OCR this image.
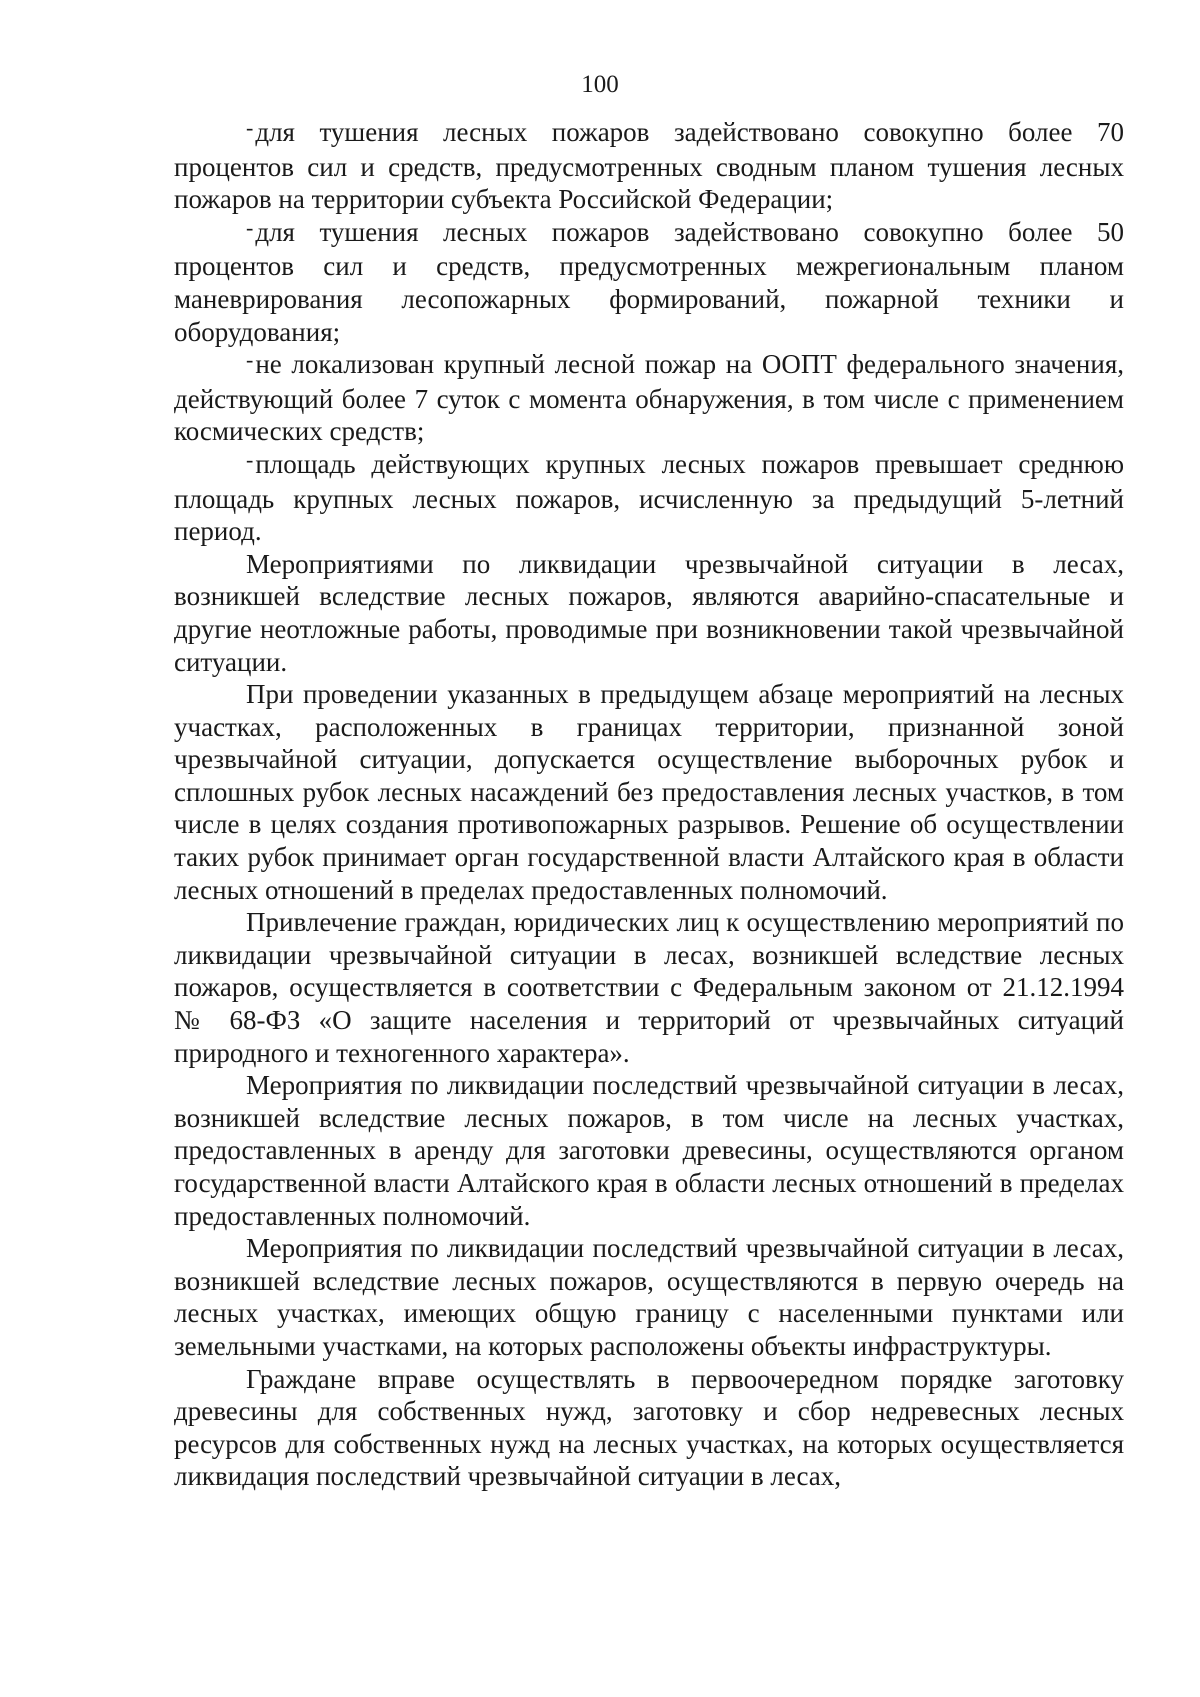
100

-для тушения лесных пожаров задействовано совокупно более 70 процентов сил и средств, предусмотренных сводным планом тушения лесных пожаров на территории субъекта Российской Федерации;

-для тушения лесных пожаров задействовано совокупно более 50 процентов сил и средств, предусмотренных межрегиональным планом маневрирования лесопожарных формирований, пожарной техники и оборудования;

-не локализован крупный лесной пожар на ООПТ федерального значения, действующий более 7 суток с момента обнаружения, в том числе с применением космических средств;

-площадь действующих крупных лесных пожаров превышает среднюю площадь крупных лесных пожаров, исчисленную за предыдущий 5-летний период.

Мероприятиями по ликвидации чрезвычайной ситуации в лесах, возникшей вследствие лесных пожаров, являются аварийно-спасательные и другие неотложные работы, проводимые при возникновении такой чрезвычайной ситуации.

При проведении указанных в предыдущем абзаце мероприятий на лесных участках, расположенных в границах территории, признанной зоной чрезвычайной ситуации, допускается осуществление выборочных рубок и сплошных рубок лесных насаждений без предоставления лесных участков, в том числе в целях создания противопожарных разрывов. Решение об осуществлении таких рубок принимает орган государственной власти Алтайского края в области лесных отношений в пределах предоставленных полномочий.

Привлечение граждан, юридических лиц к осуществлению мероприятий по ликвидации чрезвычайной ситуации в лесах, возникшей вследствие лесных пожаров, осуществляется в соответствии с Федеральным законом от 21.12.1994 № 68-ФЗ «О защите населения и территорий от чрезвычайных ситуаций природного и техногенного характера».

Мероприятия по ликвидации последствий чрезвычайной ситуации в лесах, возникшей вследствие лесных пожаров, в том числе на лесных участках, предоставленных в аренду для заготовки древесины, осуществляются органом государственной власти Алтайского края в области лесных отношений в пределах предоставленных полномочий.

Мероприятия по ликвидации последствий чрезвычайной ситуации в лесах, возникшей вследствие лесных пожаров, осуществляются в первую очередь на лесных участках, имеющих общую границу с населенными пунктами или земельными участками, на которых расположены объекты инфраструктуры.

Граждане вправе осуществлять в первоочередном порядке заготовку древесины для собственных нужд, заготовку и сбор недревесных лесных ресурсов для собственных нужд на лесных участках, на которых осуществляется ликвидация последствий чрезвычайной ситуации в лесах,
